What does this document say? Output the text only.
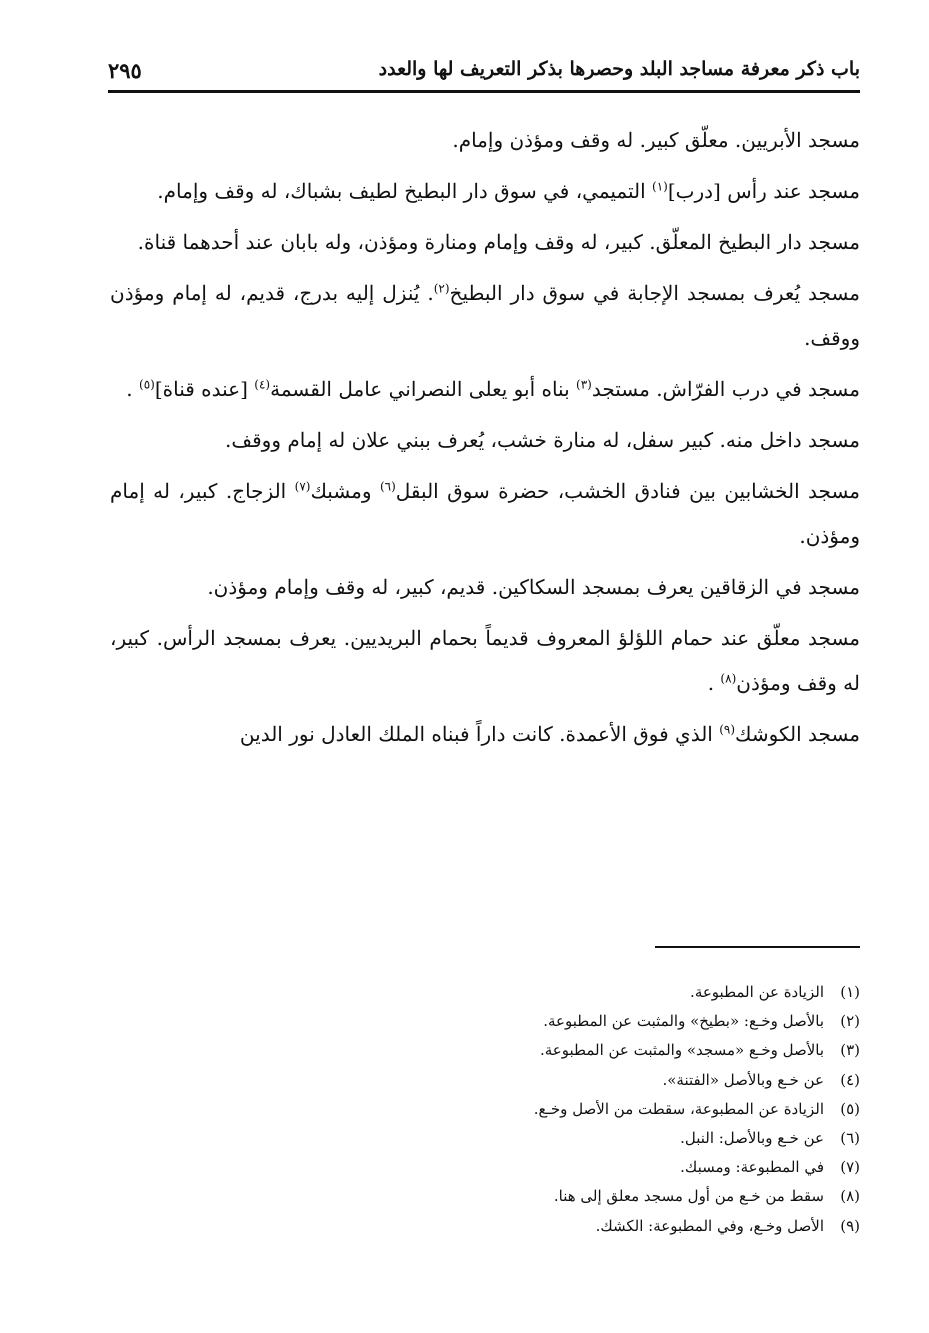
باب ذكر معرفة مساجد البلد وحصرها بذكر التعريف لها والعدد
٢٩٥

مسجد الأبريين. معلّق كبير. له وقف ومؤذن وإمام.

مسجد عند رأس [درب]$^{(١)}$ التميمي، في سوق دار البطيخ لطيف بشباك، له وقف وإمام.

مسجد دار البطيخ المعلّق. كبير، له وقف وإمام ومنارة ومؤذن، وله بابان عند أحدهما قناة.

مسجد يُعرف بمسجد الإجابة في سوق دار البطيخ$^{(٢)}$. يُنزل إليه بدرج، قديم، له إمام ومؤذن ووقف.

مسجد في درب الفرّاش. مستجد$^{(٣)}$ بناه أبو يعلى النصراني عامل القسمة$^{(٤)}$ [عنده قناة]$^{(٥)}$ .

مسجد داخل منه. كبير سفل، له منارة خشب، يُعرف ببني علان له إمام ووقف.

مسجد الخشابين بين فنادق الخشب، حضرة سوق البقل$^{(٦)}$ ومشبك$^{(٧)}$ الزجاج. كبير، له إمام ومؤذن.

مسجد في الزقاقين يعرف بمسجد السكاكين. قديم، كبير، له وقف وإمام ومؤذن.

مسجد معلّق عند حمام اللؤلؤ المعروف قديماً بحمام البريديين. يعرف بمسجد الرأس. كبير، له وقف ومؤذن$^{(٨)}$ .

مسجد الكوشك$^{(٩)}$ الذي فوق الأعمدة. كانت داراً فبناه الملك العادل نور الدين

(١)الزيادة عن المطبوعة.
(٢)بالأصل وخـع: «بطيخ» والمثبت عن المطبوعة.
(٣)بالأصل وخـع «مسجد» والمثبت عن المطبوعة.
(٤)عن خـع وبالأصل «الفتنة».
(٥)الزيادة عن المطبوعة، سقطت من الأصل وخـع.
(٦)عن خـع وبالأصل: النبل.
(٧)في المطبوعة: ومسبك.
(٨)سقط من خـع من أول مسجد معلق إلى هنا.
(٩)الأصل وخـع، وفي المطبوعة: الكشك.
